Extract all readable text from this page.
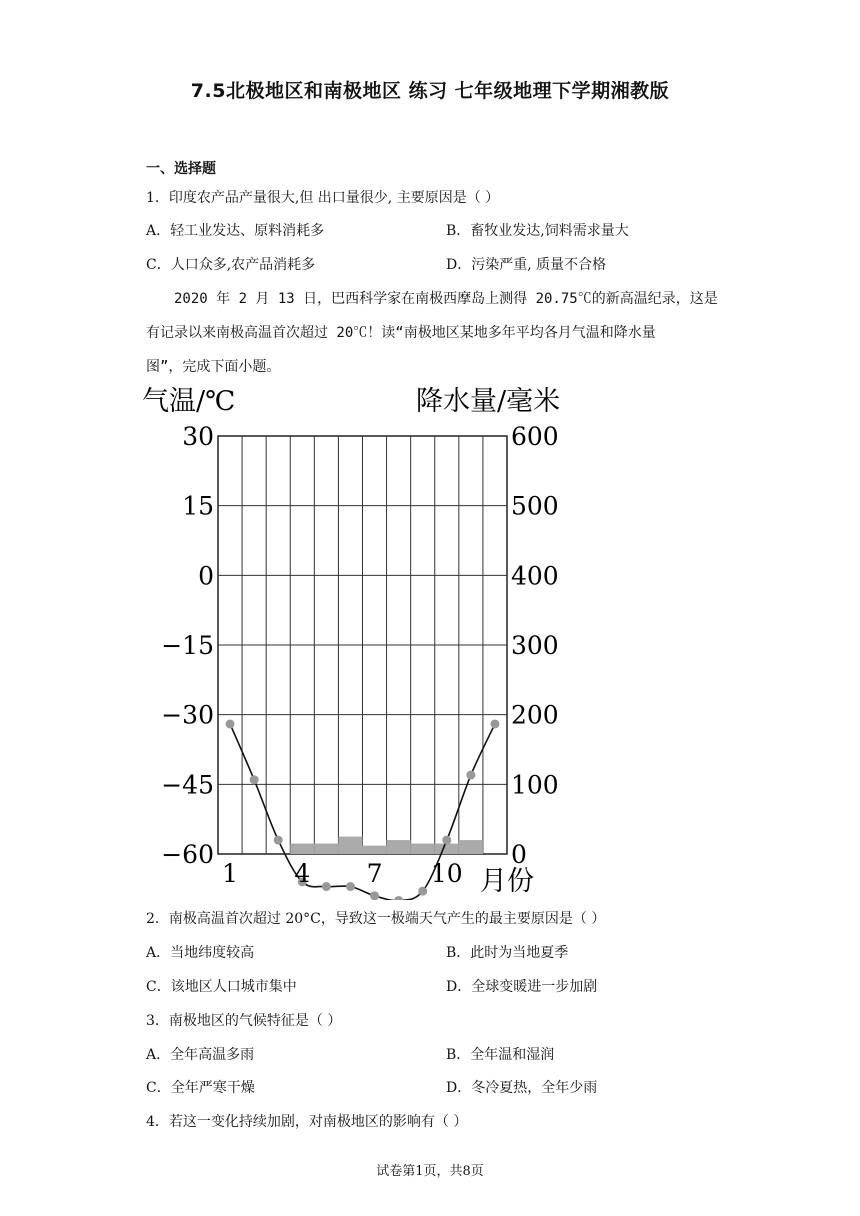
7.5北极地区和南极地区 练习 七年级地理下学期湘教版
一、选择题
1．印度农产品产量很大,但 出口量很少, 主要原因是（ ）
A．轻工业发达、原料消耗多	B．畜牧业发达,饲料需求量大
C．人口众多,农产品消耗多	D．污染严重, 质量不合格
2020 年 2 月 13 日，巴西科学家在南极西摩岛上测得 20.75℃的新高温纪录，这是
有记录以来南极高温首次超过 20℃！读“南极地区某地多年平均各月气温和降水量
图”，完成下面小题。
气温/℃	降水量/毫米
30
15
0
−15
−30
−45
−60
600
500
400
300
200
100
0
1 4 7 10 月份
2．南极高温首次超过 20°C，导致这一极端天气产生的最主要原因是（ ）
A．当地纬度较高	B．此时为当地夏季
C．该地区人口城市集中	D．全球变暖进一步加剧
3．南极地区的气候特征是（ ）
A．全年高温多雨	B．全年温和湿润
C．全年严寒干燥	D．冬冷夏热，全年少雨
4．若这一变化持续加剧，对南极地区的影响有（ ）
试卷第1页，共8页
